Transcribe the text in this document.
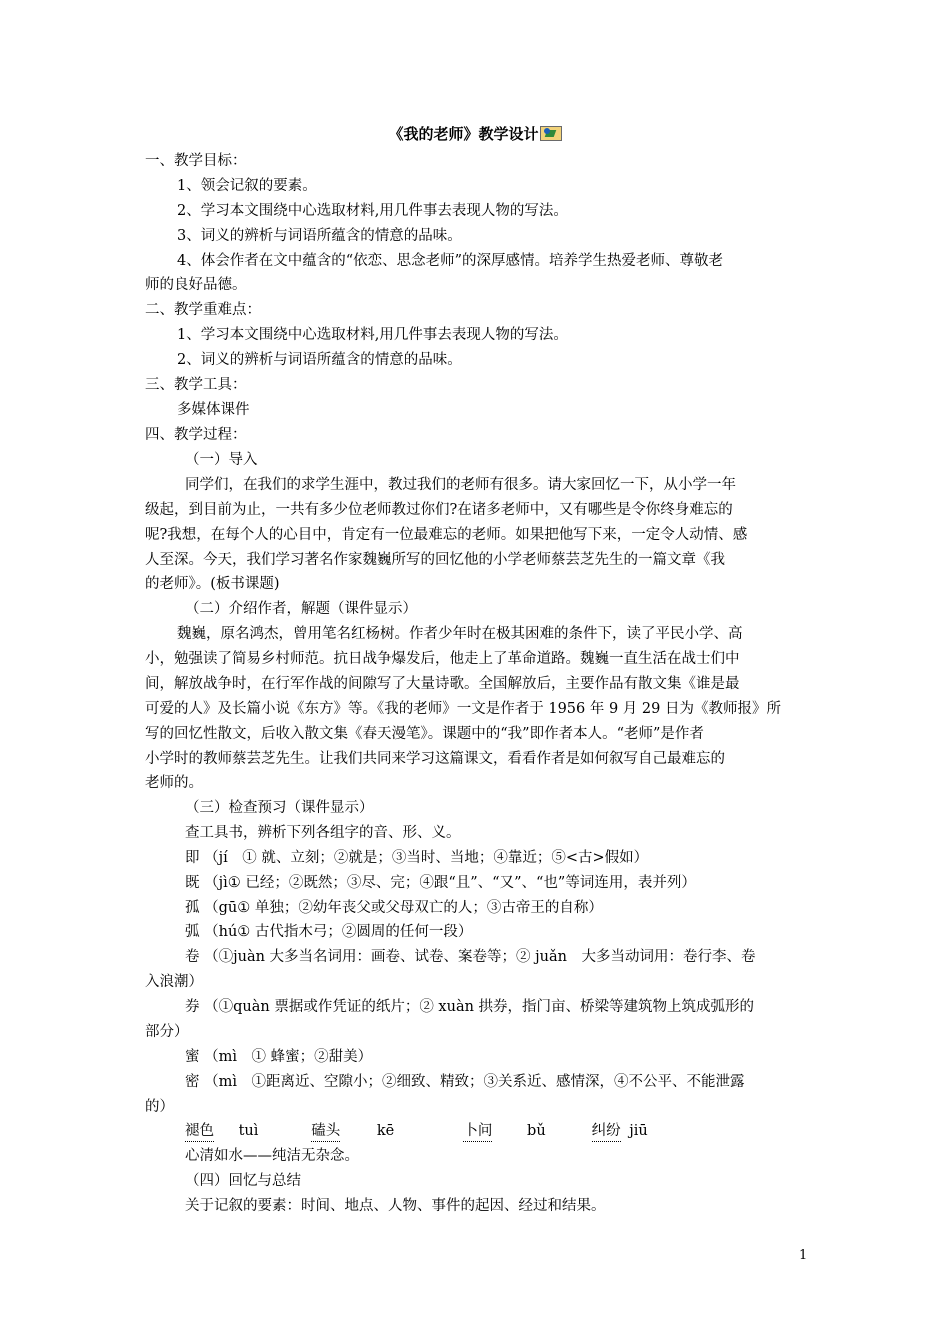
《我的老师》教学设计
一、教学目标：
1、领会记叙的要素。
2、学习本文围绕中心选取材料,用几件事去表现人物的写法。
3、词义的辨析与词语所蕴含的情意的品味。
4、体会作者在文中蕴含的“依恋、思念老师”的深厚感情。培养学生热爱老师、尊敬老
师的良好品德。
二、教学重难点：
1、学习本文围绕中心选取材料,用几件事去表现人物的写法。
2、词义的辨析与词语所蕴含的情意的品味。
三、教学工具：
多媒体课件
四、教学过程：
（一）导入
同学们，在我们的求学生涯中，教过我们的老师有很多。请大家回忆一下，从小学一年
级起，到目前为止，一共有多少位老师教过你们?在诸多老师中，又有哪些是令你终身难忘的
呢?我想，在每个人的心目中，肯定有一位最难忘的老师。如果把他写下来，一定令人动情、感
人至深。今天，我们学习著名作家魏巍所写的回忆他的小学老师蔡芸芝先生的一篇文章《我
的老师》。(板书课题)
（二）介绍作者，解题（课件显示）
魏巍，原名鸿杰，曾用笔名红杨树。作者少年时在极其困难的条件下，读了平民小学、高
小，勉强读了简易乡村师范。抗日战争爆发后，他走上了革命道路。魏巍一直生活在战士们中
间，解放战争时，在行军作战的间隙写了大量诗歌。全国解放后，主要作品有散文集《谁是最
可爱的人》及长篇小说《东方》等。《我的老师》一文是作者于 1956 年 9 月 29 日为《教师报》所
写的回忆性散文，后收入散文集《春天漫笔》。课题中的“我”即作者本人。“老师”是作者
小学时的教师蔡芸芝先生。让我们共同来学习这篇课文，看看作者是如何叙写自己最难忘的
老师的。
（三）检查预习（课件显示）
查工具书，辨析下列各组字的音、形、义。
即 （jí　① 就、立刻；②就是；③当时、当地；④靠近；⑤<古>假如）
既 （jì① 已经；②既然；③尽、完；④跟“且”、“又”、“也”等词连用，表并列）
孤 （gū① 单独；②幼年丧父或父母双亡的人；③古帝王的自称）
弧 （hú① 古代指木弓；②圆周的任何一段）
卷 （①juàn 大多当名词用：画卷、试卷、案卷等；② juǎn　大多当动词用：卷行李、卷
入浪潮）
券 （①quàn 票据或作凭证的纸片；② xuàn 拱券，指门亩、桥梁等建筑物上筑成弧形的
部分）
蜜 （mì　① 蜂蜜；②甜美）
密 （mì　①距离近、空隙小；②细致、精致；③关系近、感情深，④不公平、不能泄露
的）
褪色 tuì	磕头	kē	卜问 bǔ	纠纷 jiū
心清如水——纯洁无杂念。
（四）回忆与总结
关于记叙的要素：时间、地点、人物、事件的起因、经过和结果。
1
